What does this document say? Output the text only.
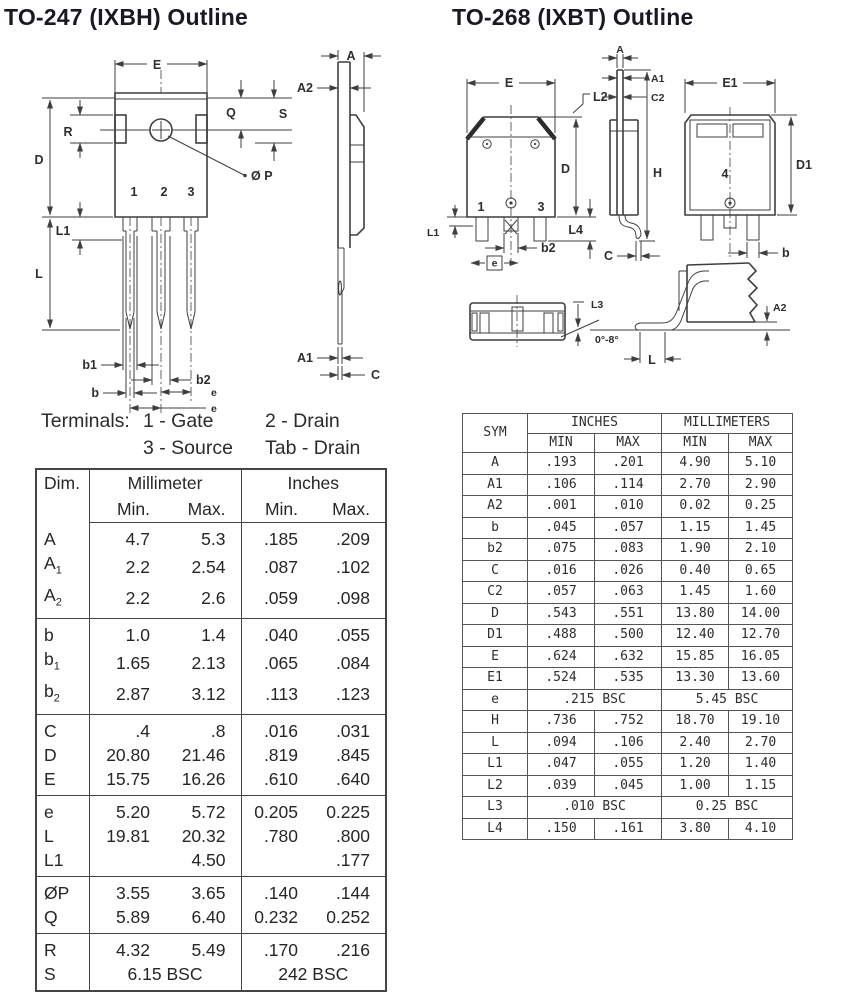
TO-247 (IXBH) Outline	TO-268 (IXBT) Outline
E
D
R
L1
L
Q	S
Ø P
1 2 3
b1
b
b2
e
e
A
A2
A1
C
Terminals: 1 - Gate	2 - Drain
3 - Source Tab - Drain
Dim.	Millimeter		Inches	
	Min.	Max.	Min.	Max.
A	4.7	5.3	.185	.209
$A_1$	2.2	2.54	.087	.102
$A_2$	2.2	2.6	.059	.098
b	1.0	1.4	.040	.055
$b_1$	1.65	2.13	.065	.084
$b_2$	2.87	3.12	.113	.123
C	.4	.8	.016	.031
D	20.80	21.46	.819	.845
E	15.75	16.26	.610	.640
e	5.20	5.72	0.205	0.225
L	19.81	20.32	.780	.800
L1		4.50		.177
ØP	3.55	3.65	.140	.144
Q	5.89	6.40	0.232	0.252
R	4.32	5.49	.170	.216
S	6.15 BSC		242 BSC	
1	3
E
L2
D
L4
b2
e
L1
A
A1
C2
H
C
4
E1
D1
b
L3
0°-8°
L
A2
SYM	INCHES		MILLIMETERS	
	MIN	MAX	MIN	MAX
A	.193	.201	4.90	5.10
A1	.106	.114	2.70	2.90
A2	.001	.010	0.02	0.25
b	.045	.057	1.15	1.45
b2	.075	.083	1.90	2.10
C	.016	.026	0.40	0.65
C2	.057	.063	1.45	1.60
D	.543	.551	13.80	14.00
D1	.488	.500	12.40	12.70
E	.624	.632	15.85	16.05
E1	.524	.535	13.30	13.60
e	.215 BSC		5.45 BSC	
H	.736	.752	18.70	19.10
L	.094	.106	2.40	2.70
L1	.047	.055	1.20	1.40
L2	.039	.045	1.00	1.15
L3	.010 BSC		0.25 BSC	
L4	.150	.161	3.80	4.10
